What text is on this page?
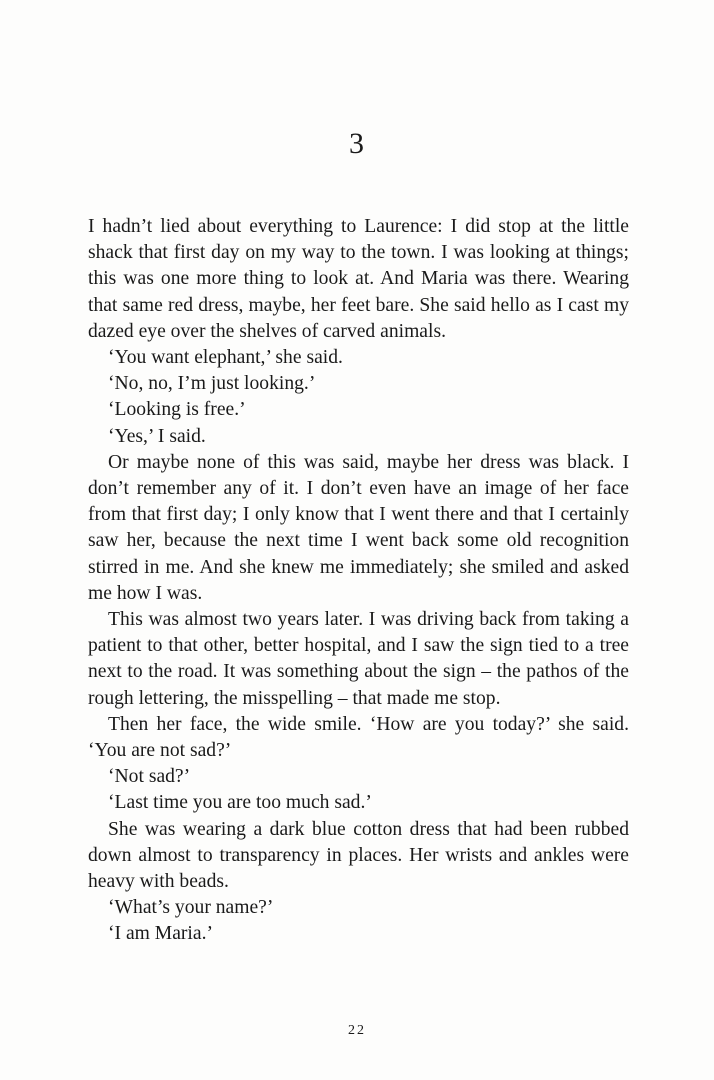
3

I hadn’t lied about everything to Laurence: I did stop at the little shack that first day on my way to the town. I was looking at things; this was one more thing to look at. And Maria was there. Wearing that same red dress, maybe, her feet bare. She said hello as I cast my dazed eye over the shelves of carved animals.

‘You want elephant,’ she said.

‘No, no, I’m just looking.’

‘Looking is free.’

‘Yes,’ I said.

Or maybe none of this was said, maybe her dress was black. I don’t remember any of it. I don’t even have an image of her face from that first day; I only know that I went there and that I certainly saw her, because the next time I went back some old recognition stirred in me. And she knew me immediately; she smiled and asked me how I was.

This was almost two years later. I was driving back from taking a patient to that other, better hospital, and I saw the sign tied to a tree next to the road. It was something about the sign – the pathos of the rough lettering, the misspelling – that made me stop.

Then her face, the wide smile. ‘How are you today?’ she said. ‘You are not sad?’

‘Not sad?’

‘Last time you are too much sad.’

She was wearing a dark blue cotton dress that had been rubbed down almost to transparency in places. Her wrists and ankles were heavy with beads.

‘What’s your name?’

‘I am Maria.’

22
